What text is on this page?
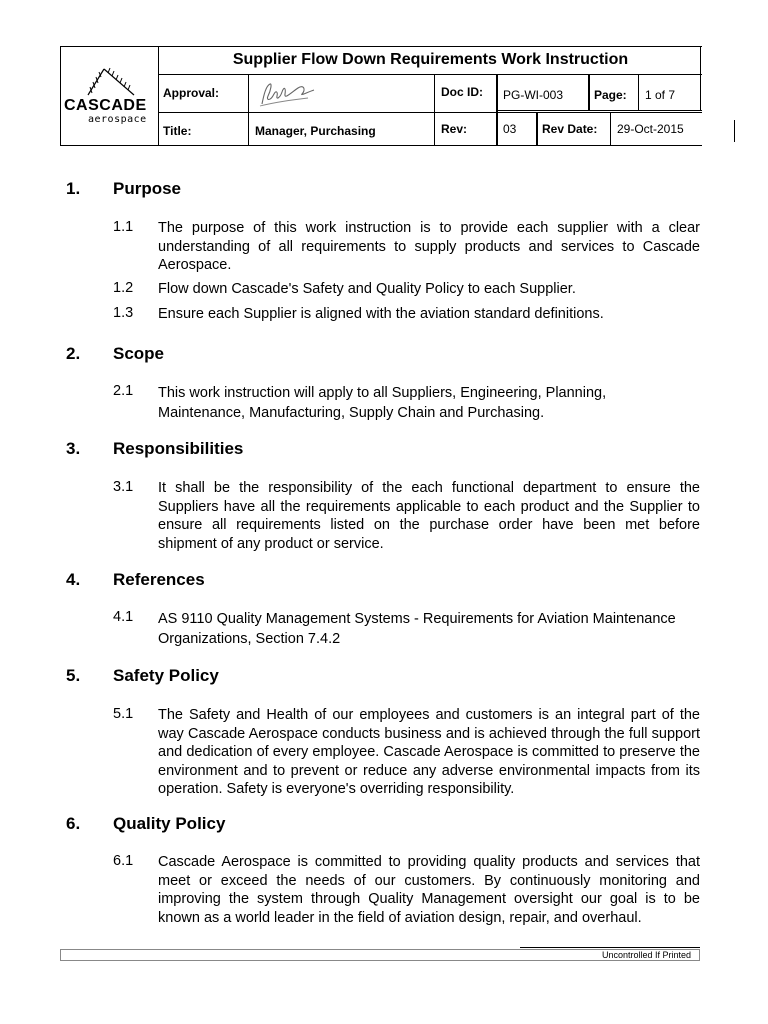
Supplier Flow Down Requirements Work Instruction
Approval:	Doc ID:	PG-WI-003	Page:	1 of 7
Title:	Manager, Purchasing	Rev:	03	Rev Date:	29-Oct-2015
CASCADE
aerospace
1. Purpose
1.1 The purpose of this work instruction is to provide each supplier with a clear understanding of all requirements to supply products and services to Cascade Aerospace.
1.2 Flow down Cascade's Safety and Quality Policy to each Supplier.
1.3 Ensure each Supplier is aligned with the aviation standard definitions.
2. Scope
2.1 This work instruction will apply to all Suppliers, Engineering, Planning, Maintenance, Manufacturing, Supply Chain and Purchasing.
3. Responsibilities
3.1 It shall be the responsibility of the each functional department to ensure the Suppliers have all the requirements applicable to each product and the Supplier to ensure all requirements listed on the purchase order have been met before shipment of any product or service.
4. References
4.1 AS 9110 Quality Management Systems - Requirements for Aviation Maintenance Organizations, Section 7.4.2
5. Safety Policy
5.1 The Safety and Health of our employees and customers is an integral part of the way Cascade Aerospace conducts business and is achieved through the full support and dedication of every employee. Cascade Aerospace is committed to preserve the environment and to prevent or reduce any adverse environmental impacts from its operation. Safety is everyone's overriding responsibility.
6. Quality Policy
6.1 Cascade Aerospace is committed to providing quality products and services that meet or exceed the needs of our customers. By continuously monitoring and improving the system through Quality Management oversight our goal is to be known as a world leader in the field of aviation design, repair, and overhaul.
Uncontrolled If Printed
